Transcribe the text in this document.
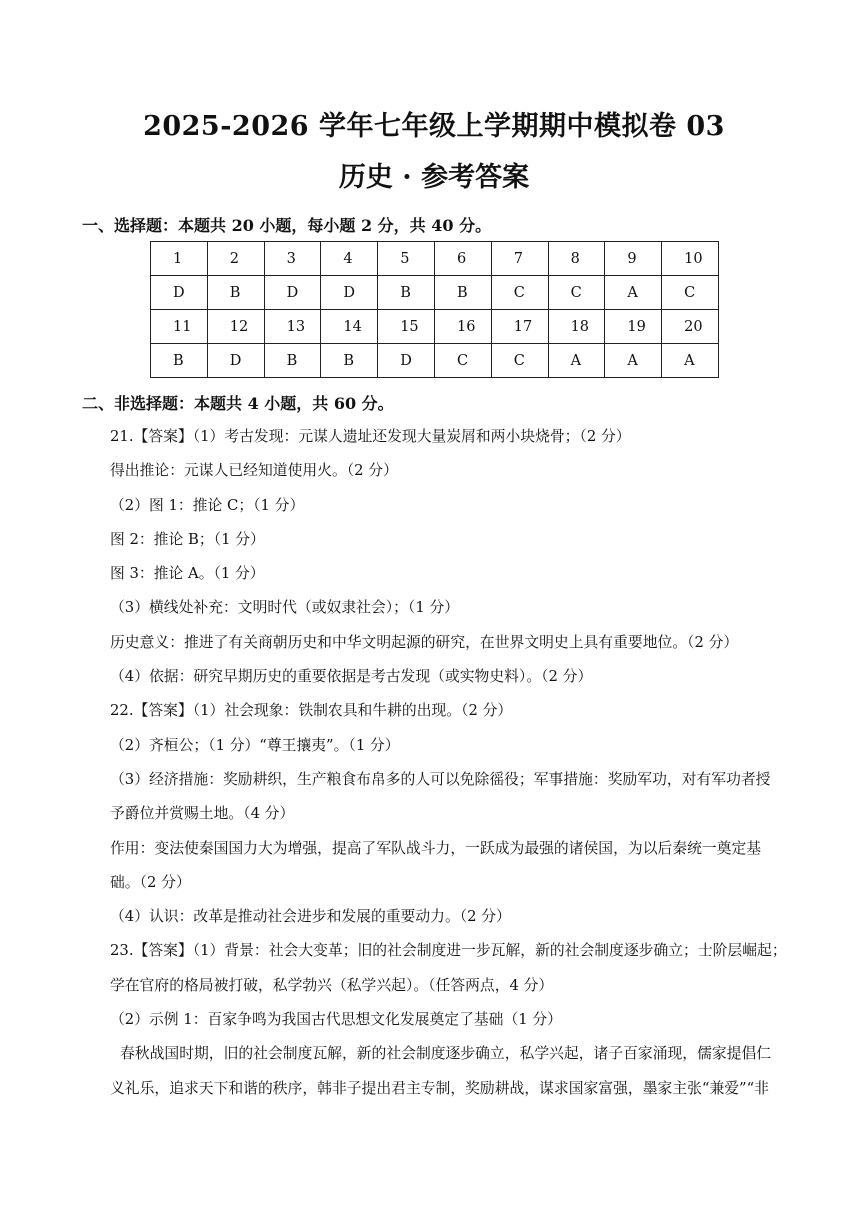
2025-2026 学年七年级上学期期中模拟卷 03
历史 · 参考答案
一、选择题：本题共 20 小题，每小题 2 分，共 40 分。
1	2	3	4	5	6	7	8	9	10
D	B	D	D	B	B	C	C	A	C
11	12	13	14	15	16	17	18	19	20
B	D	B	B	D	C	C	A	A	A
二、非选择题：本题共 4 小题，共 60 分。
21.【答案】（1）考古发现：元谋人遗址还发现大量炭屑和两小块烧骨；（2 分）
得出推论：元谋人已经知道使用火。（2 分）
（2）图 1：推论 C；（1 分）
图 2：推论 B；（1 分）
图 3：推论 A。（1 分）
（3）横线处补充：文明时代（或奴隶社会）；（1 分）
历史意义：推进了有关商朝历史和中华文明起源的研究，在世界文明史上具有重要地位。（2 分）
（4）依据：研究早期历史的重要依据是考古发现（或实物史料）。（2 分）
22.【答案】（1）社会现象：铁制农具和牛耕的出现。（2 分）
（2）齐桓公；（1 分）“尊王攘夷”。（1 分）
（3）经济措施：奖励耕织，生产粮食布帛多的人可以免除徭役；军事措施：奖励军功，对有军功者授
予爵位并赏赐土地。（4 分）
作用：变法使秦国国力大为增强，提高了军队战斗力，一跃成为最强的诸侯国，为以后秦统一奠定基
础。（2 分）
（4）认识：改革是推动社会进步和发展的重要动力。（2 分）
23.【答案】（1）背景：社会大变革；旧的社会制度进一步瓦解，新的社会制度逐步确立；士阶层崛起；
学在官府的格局被打破，私学勃兴（私学兴起）。（任答两点，4 分）
（2）示例 1：百家争鸣为我国古代思想文化发展奠定了基础（1 分）
春秋战国时期，旧的社会制度瓦解，新的社会制度逐步确立，私学兴起，诸子百家涌现，儒家提倡仁
义礼乐，追求天下和谐的秩序，韩非子提出君主专制，奖励耕战，谋求国家富强，墨家主张“兼爱”“非
